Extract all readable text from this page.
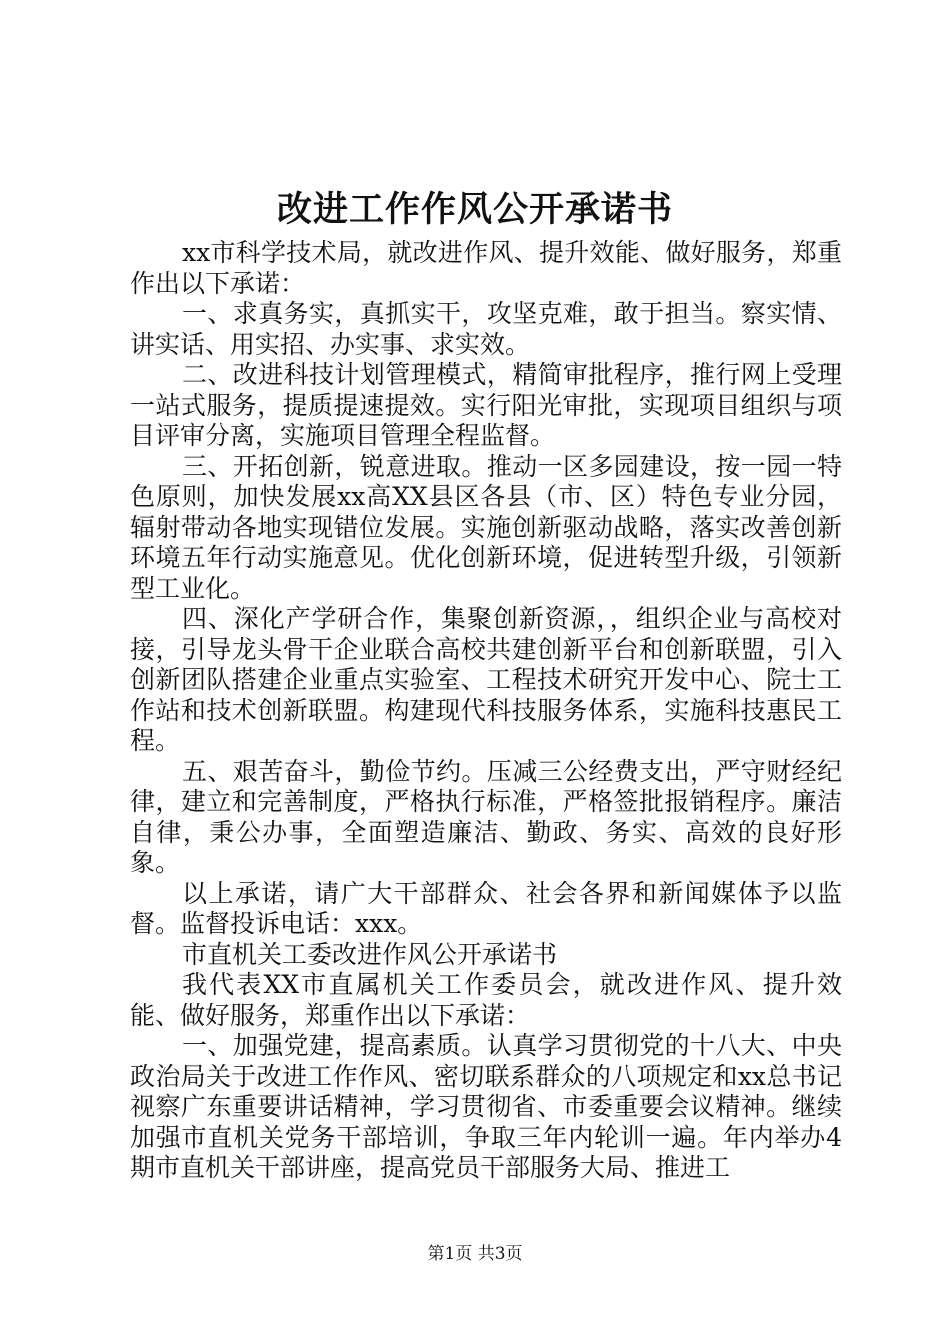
改进工作作风公开承诺书

xx市科学技术局，就改进作风、提升效能、做好服务，郑重作出以下承诺：

一、求真务实，真抓实干，攻坚克难，敢于担当。察实情、讲实话、用实招、办实事、求实效。

二、改进科技计划管理模式，精简审批程序，推行网上受理一站式服务，提质提速提效。实行阳光审批，实现项目组织与项目评审分离，实施项目管理全程监督。

三、开拓创新，锐意进取。推动一区多园建设，按一园一特色原则，加快发展xx高XX县区各县（市、区）特色专业分园，辐射带动各地实现错位发展。实施创新驱动战略，落实改善创新环境五年行动实施意见。优化创新环境，促进转型升级，引领新型工业化。

四、深化产学研合作，集聚创新资源，，组织企业与高校对接，引导龙头骨干企业联合高校共建创新平台和创新联盟，引入创新团队搭建企业重点实验室、工程技术研究开发中心、院士工作站和技术创新联盟。构建现代科技服务体系，实施科技惠民工程。

五、艰苦奋斗，勤俭节约。压减三公经费支出，严守财经纪律，建立和完善制度，严格执行标准，严格签批报销程序。廉洁自律，秉公办事，全面塑造廉洁、勤政、务实、高效的良好形象。

以上承诺，请广大干部群众、社会各界和新闻媒体予以监督。监督投诉电话：xxx。

市直机关工委改进作风公开承诺书

我代表XX市直属机关工作委员会，就改进作风、提升效能、做好服务，郑重作出以下承诺：

一、加强党建，提高素质。认真学习贯彻党的十八大、中央政治局关于改进工作作风、密切联系群众的八项规定和xx总书记视察广东重要讲话精神，学习贯彻省、市委重要会议精神。继续加强市直机关党务干部培训，争取三年内轮训一遍。年内举办4期市直机关干部讲座，提高党员干部服务大局、推进工

第1页 共3页
